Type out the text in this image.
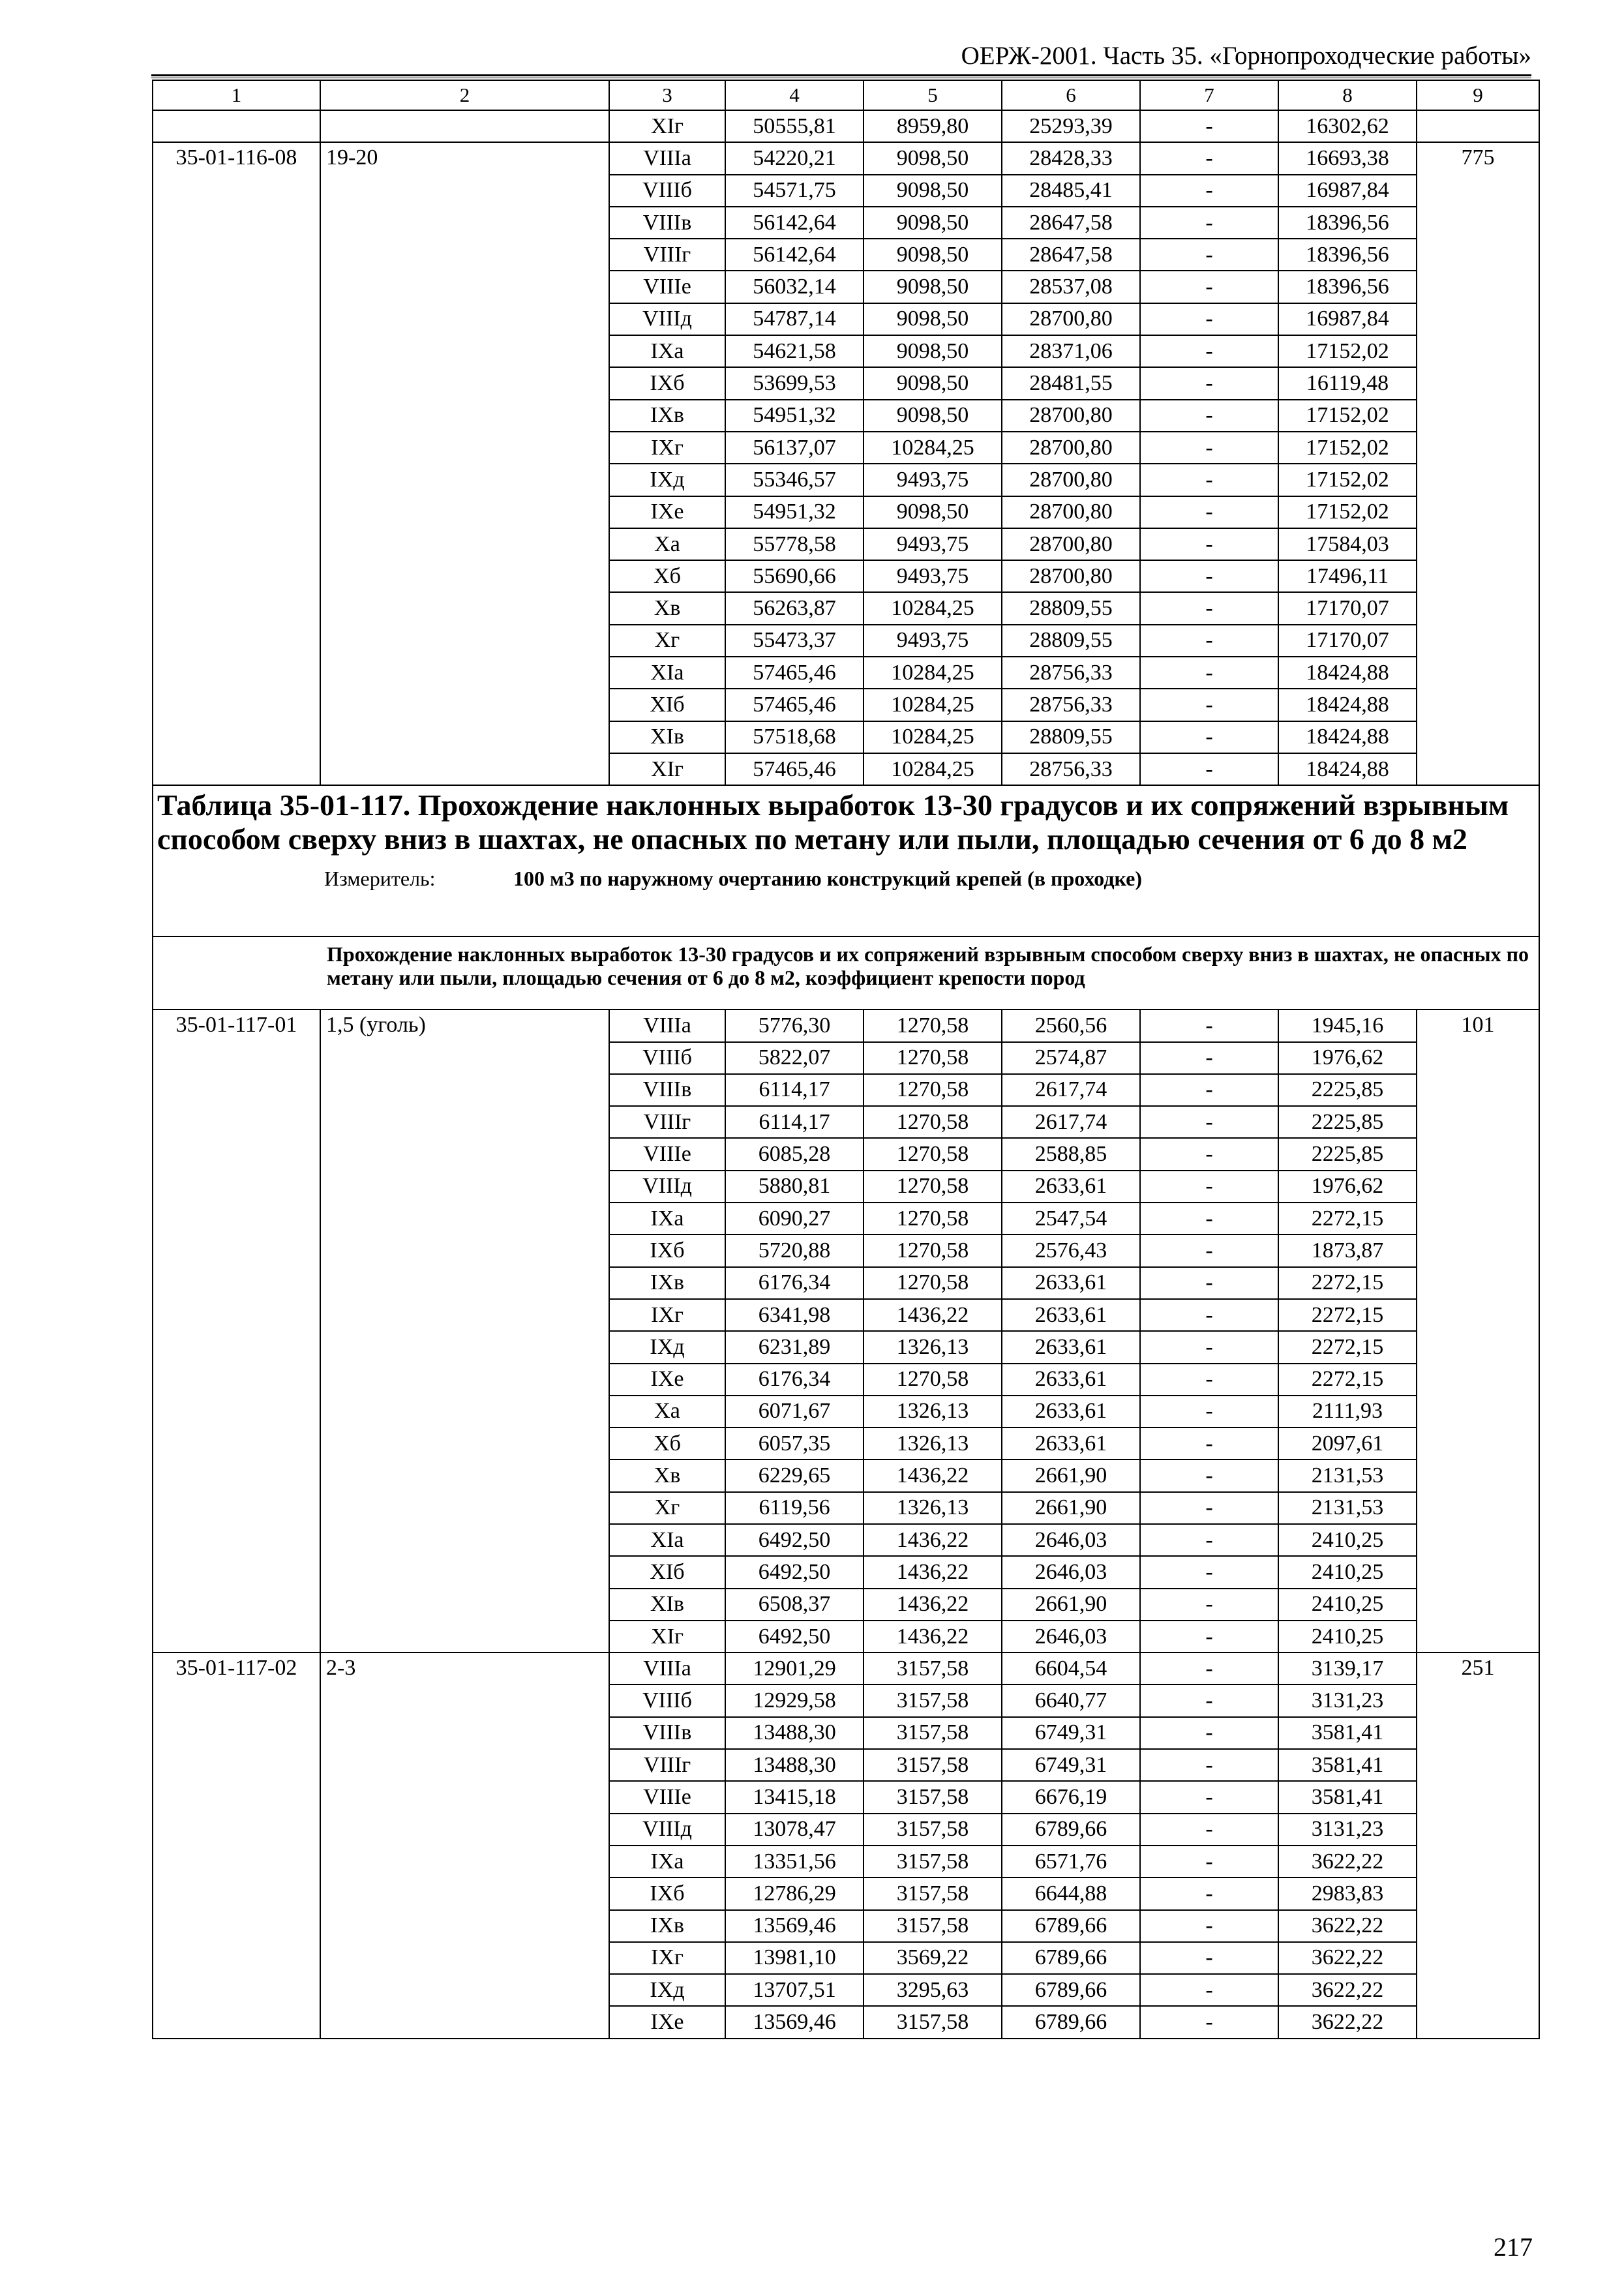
ОЕРЖ-2001. Часть 35. «Горнопроходческие работы»
1	2	3	4	5	6	7	8	9
		XIг	50555,81	8959,80	25293,39	-	16302,62	
35-01-116-08	19-20	VIIIа	54220,21	9098,50	28428,33	-	16693,38	775
		VIIIб	54571,75	9098,50	28485,41	-	16987,84	
		VIIIв	56142,64	9098,50	28647,58	-	18396,56	
		VIIIг	56142,64	9098,50	28647,58	-	18396,56	
		VIIIе	56032,14	9098,50	28537,08	-	18396,56	
		VIIIд	54787,14	9098,50	28700,80	-	16987,84	
		IXа	54621,58	9098,50	28371,06	-	17152,02	
		IXб	53699,53	9098,50	28481,55	-	16119,48	
		IXв	54951,32	9098,50	28700,80	-	17152,02	
		IXг	56137,07	10284,25	28700,80	-	17152,02	
		IXд	55346,57	9493,75	28700,80	-	17152,02	
		IXе	54951,32	9098,50	28700,80	-	17152,02	
		Xа	55778,58	9493,75	28700,80	-	17584,03	
		Xб	55690,66	9493,75	28700,80	-	17496,11	
		Xв	56263,87	10284,25	28809,55	-	17170,07	
		Xг	55473,37	9493,75	28809,55	-	17170,07	
		XIа	57465,46	10284,25	28756,33	-	18424,88	
		XIб	57465,46	10284,25	28756,33	-	18424,88	
		XIв	57518,68	10284,25	28809,55	-	18424,88	
		XIг	57465,46	10284,25	28756,33	-	18424,88	

Таблица 35-01-117. Прохождение наклонных выработок 13-30 градусов и их сопряжений взрывным способом сверху вниз в шахтах, не опасных по метану или пыли, площадью сечения от 6 до 8 м2
Измеритель: 100 м3 по наружному очертанию конструкций крепей (в проходке)								

Прохождение наклонных выработок 13-30 градусов и их сопряжений взрывным способом сверху вниз в шахтах, не опасных по метану или пыли, площадью сечения от 6 до 8 м2, коэффициент крепости пород								

35-01-117-01	1,5 (уголь)	VIIIа	5776,30	1270,58	2560,56	-	1945,16	101
		VIIIб	5822,07	1270,58	2574,87	-	1976,62	
		VIIIв	6114,17	1270,58	2617,74	-	2225,85	
		VIIIг	6114,17	1270,58	2617,74	-	2225,85	
		VIIIе	6085,28	1270,58	2588,85	-	2225,85	
		VIIIд	5880,81	1270,58	2633,61	-	1976,62	
		IXа	6090,27	1270,58	2547,54	-	2272,15	
		IXб	5720,88	1270,58	2576,43	-	1873,87	
		IXв	6176,34	1270,58	2633,61	-	2272,15	
		IXг	6341,98	1436,22	2633,61	-	2272,15	
		IXд	6231,89	1326,13	2633,61	-	2272,15	
		IXе	6176,34	1270,58	2633,61	-	2272,15	
		Xа	6071,67	1326,13	2633,61	-	2111,93	
		Xб	6057,35	1326,13	2633,61	-	2097,61	
		Xв	6229,65	1436,22	2661,90	-	2131,53	
		Xг	6119,56	1326,13	2661,90	-	2131,53	
		XIа	6492,50	1436,22	2646,03	-	2410,25	
		XIб	6492,50	1436,22	2646,03	-	2410,25	
		XIв	6508,37	1436,22	2661,90	-	2410,25	
		XIг	6492,50	1436,22	2646,03	-	2410,25	
35-01-117-02	2-3	VIIIа	12901,29	3157,58	6604,54	-	3139,17	251
		VIIIб	12929,58	3157,58	6640,77	-	3131,23	
		VIIIв	13488,30	3157,58	6749,31	-	3581,41	
		VIIIг	13488,30	3157,58	6749,31	-	3581,41	
		VIIIе	13415,18	3157,58	6676,19	-	3581,41	
		VIIIд	13078,47	3157,58	6789,66	-	3131,23	
		IXа	13351,56	3157,58	6571,76	-	3622,22	
		IXб	12786,29	3157,58	6644,88	-	2983,83	
		IXв	13569,46	3157,58	6789,66	-	3622,22	
		IXг	13981,10	3569,22	6789,66	-	3622,22	
		IXд	13707,51	3295,63	6789,66	-	3622,22	
		IXе	13569,46	3157,58	6789,66	-	3622,22	
217
